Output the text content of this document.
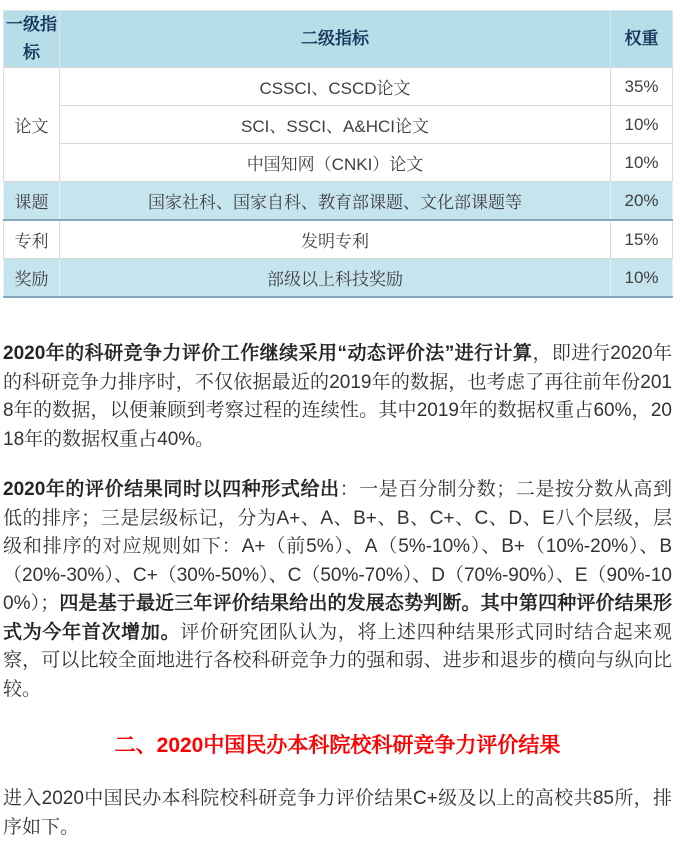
一级指标	二级指标	权重
论文	CSSCI、CSCD论文	35%
	SCI、SSCI、A&HCI论文	10%
	中国知网（CNKI）论文	10%
课题	国家社科、国家自科、教育部课题、文化部课题等	20%
专利	发明专利	15%
奖励	部级以上科技奖励	10%

2020年的科研竞争力评价工作继续采用“动态评价法”进行计算，即进行2020年的科研竞争力排序时，不仅依据最近的2019年的数据，也考虑了再往前年份2018年的数据，以便兼顾到考察过程的连续性。其中2019年的数据权重占60%，2018年的数据权重占40%。

2020年的评价结果同时以四种形式给出：一是百分制分数；二是按分数从高到低的排序；三是层级标记，分为A+、A、B+、B、C+、C、D、E八个层级，层级和排序的对应规则如下：A+（前5%）、A（5%-10%）、B+（10%-20%）、B（20%-30%）、C+（30%-50%）、C（50%-70%）、D（70%-90%）、E（90%-100%）；四是基于最近三年评价结果给出的发展态势判断。其中第四种评价结果形式为今年首次增加。评价研究团队认为，将上述四种结果形式同时结合起来观察，可以比较全面地进行各校科研竞争力的强和弱、进步和退步的横向与纵向比较。

二、2020中国民办本科院校科研竞争力评价结果

进入2020中国民办本科院校科研竞争力评价结果C+级及以上的高校共85所，排序如下。
